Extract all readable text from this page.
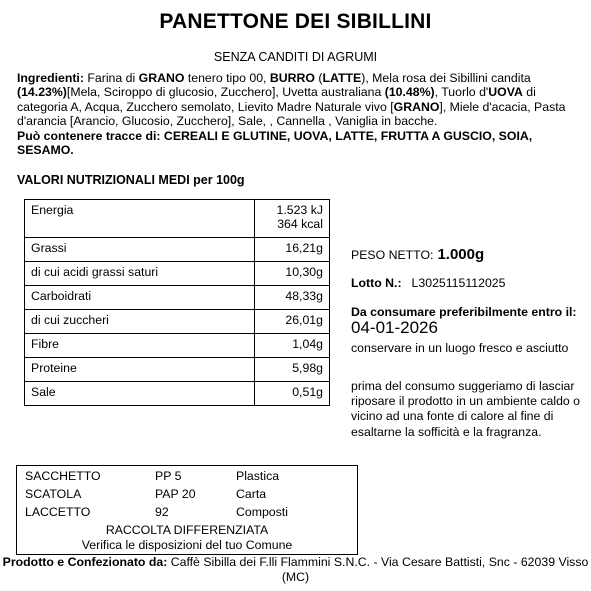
PANETTONE DEI SIBILLINI
SENZA CANDITI DI AGRUMI
Ingredienti: Farina di GRANO tenero tipo 00, BURRO (LATTE), Mela rosa dei Sibillini candita (14.23%)[Mela, Sciroppo di glucosio, Zucchero], Uvetta australiana (10.48%), Tuorlo d'UOVA di categoria A, Acqua, Zucchero semolato, Lievito Madre Naturale vivo [GRANO], Miele d'acacia, Pasta d'arancia [Arancio, Glucosio, Zucchero], Sale, , Cannella , Vaniglia in bacche.
Può contenere tracce di: CEREALI E GLUTINE, UOVA, LATTE, FRUTTA A GUSCIO, SOIA, SESAMO.
VALORI NUTRIZIONALI MEDI per 100g
Energia	1.523 kJ
364 kcal
Grassi	16,21g
di cui acidi grassi saturi	10,30g
Carboidrati	48,33g
di cui zuccheri	26,01g
Fibre	1,04g
Proteine	5,98g
Sale	0,51g
PESO NETTO: 1.000g
Lotto N.: L3025115112025
Da consumare preferibilmente entro il: 04-01-2026
conservare in un luogo fresco e asciutto
prima del consumo suggeriamo di lasciar riposare il prodotto in un ambiente caldo o vicino ad una fonte di calore al fine di esaltarne la sofficità e la fragranza.
SACCHETTO	PP 5	Plastica
SCATOLA	PAP 20	Carta
LACCETTO	92	Composti
RACCOLTA DIFFERENZIATA
Verifica le disposizioni del tuo Comune
Prodotto e Confezionato da: Caffè Sibilla dei F.lli Flammini S.N.C. - Via Cesare Battisti, Snc - 62039 Visso (MC)
